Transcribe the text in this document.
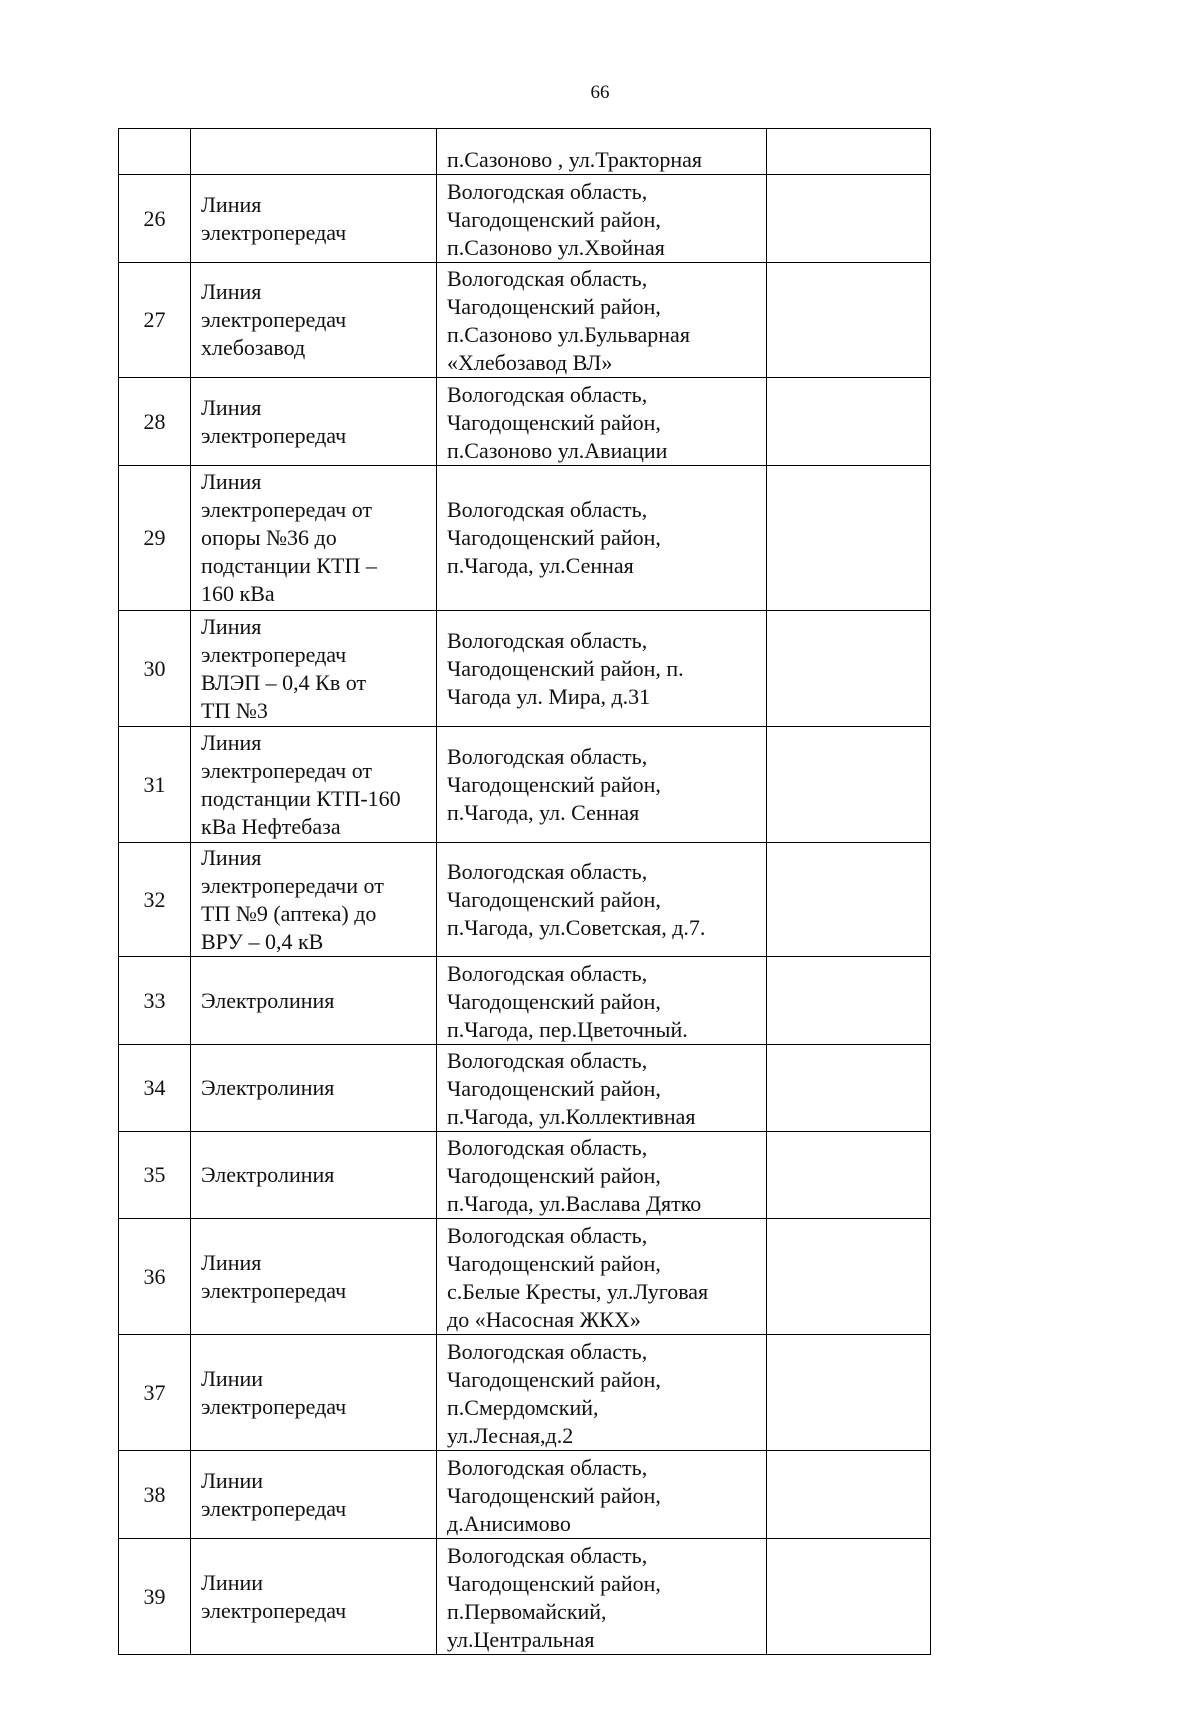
66
		п.Сазоново , ул.Тракторная	
26	Линия
электропередач	Вологодская область,
Чагодощенский район,
п.Сазоново ул.Хвойная	
27	Линия
электропередач
хлебозавод	Вологодская область,
Чагодощенский район,
п.Сазоново ул.Бульварная
«Хлебозавод ВЛ»	
28	Линия
электропередач	Вологодская область,
Чагодощенский район,
п.Сазоново ул.Авиации	
29	Линия
электропередач от
опоры №36 до
подстанции КТП –
160 кВа	Вологодская область,
Чагодощенский район,
п.Чагода, ул.Сенная	
30	Линия
электропередач
ВЛЭП – 0,4 Кв от
ТП №3	Вологодская область,
Чагодощенский район, п.
Чагода ул. Мира, д.31	
31	Линия
электропередач от
подстанции КТП-160
кВа Нефтебаза	Вологодская область,
Чагодощенский район,
п.Чагода, ул. Сенная	
32	Линия
электропередачи от
ТП №9 (аптека) до
ВРУ – 0,4 кВ	Вологодская область,
Чагодощенский район,
п.Чагода, ул.Советская, д.7.	
33	Электролиния	Вологодская область,
Чагодощенский район,
п.Чагода, пер.Цветочный.	
34	Электролиния	Вологодская область,
Чагодощенский район,
п.Чагода, ул.Коллективная	
35	Электролиния	Вологодская область,
Чагодощенский район,
п.Чагода, ул.Васлава Дятко	
36	Линия
электропередач	Вологодская область,
Чагодощенский район,
с.Белые Кресты, ул.Луговая
до «Насосная ЖКХ»	
37	Линии
электропередач	Вологодская область,
Чагодощенский район,
п.Смердомский,
ул.Лесная,д.2	
38	Линии
электропередач	Вологодская область,
Чагодощенский район,
д.Анисимово	
39	Линии
электропередач	Вологодская область,
Чагодощенский район,
п.Первомайский,
ул.Центральная	
